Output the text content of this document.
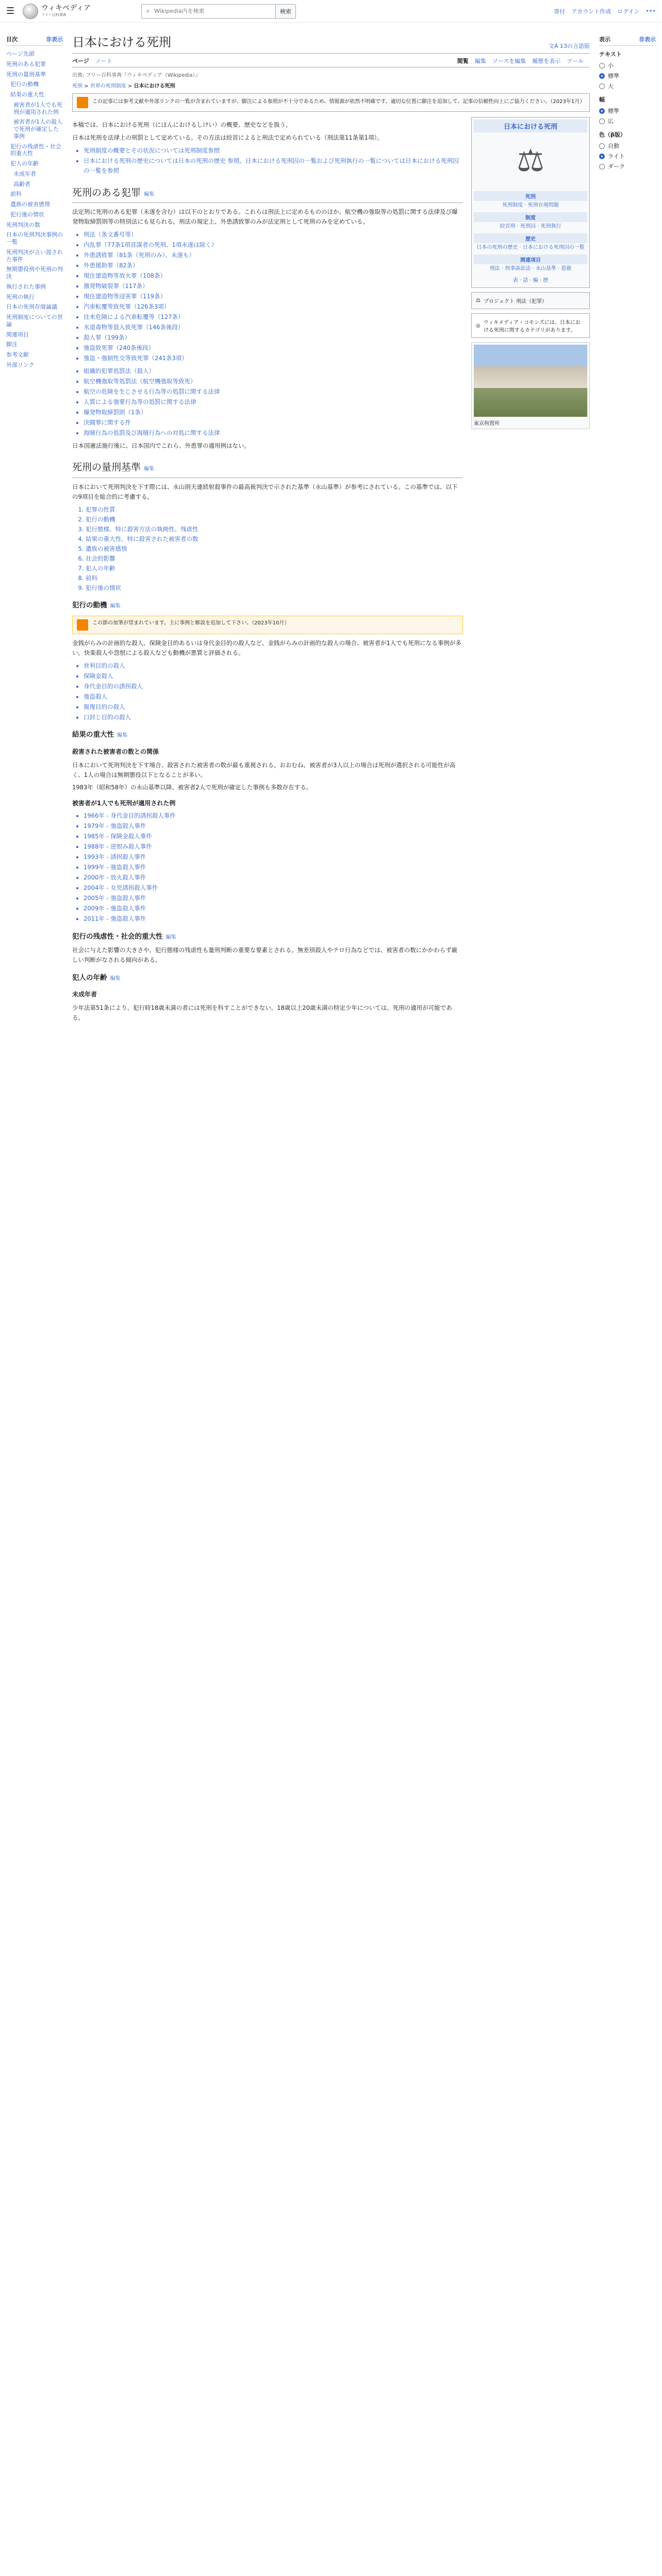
☰	ウィキペディア
フリー百科事典
⌕
Wikipedia内を検索	検索	寄付 アカウント作成 ログイン •••
目次	非表示
ページ先頭
死刑のある犯罪
死刑の量刑基準
犯行の動機
結果の重大性
被害者が1人でも死刑が適用された例
被害者が1人の殺人で死刑が確定した事例
犯行の残虐性・社会的重大性
犯人の年齢
未成年者
高齢者
前科
遺族の被害感情
犯行後の情状
死刑判決の数
日本の死刑判決事例の一覧
死刑判決が言い渡された事件
無期懲役刑や死刑の判決
執行された事例
死刑の執行
日本の死刑存廃論議
死刑制度についての世論
関連項目
脚注
参考文献
外部リンク
日本における死刑	文A 13の言語版
ページ ノート	閲覧 編集 ソースを編集 履歴を表示 ツール
出典: フリー百科事典『ウィキペディア（Wikipedia）』
死刑 > 世界の死刑制度 > 日本における死刑
この記事には参考文献や外部リンクの一覧が含まれていますが、脚注による参照が不十分であるため、情報源が依然不明確です。適切な位置に脚注を追加して、記事の信頼性向上にご協力ください。（2023年1月）

本稿では、日本における死刑（にほんにおけるしけい）の概要、歴史などを扱う。

日本は死刑を法律上の刑罰として定めている。その方法は絞首によると刑法で定められている（刑法第11条第1項）。

• 死刑制度の概要とその状況については死刑制度参照
• 日本における死刑の歴史については日本の死刑の歴史 参照。日本における死刑囚の一覧および死刑執行の一覧については日本における死刑囚の一覧を参照
死刑のある犯罪 編集

法定刑に死刑のある犯罪（未遂を含む）は以下のとおりである。これらは刑法上に定めるもののほか、航空機の強取等の処罰に関する法律及び爆発物取締罰則等の特別法にも見られる。刑法の規定上、外患誘致罪のみが法定刑として死刑のみを定めている。

• 刑法（条文番号等）
• 内乱罪（77条1項首謀者の死刑、1項未遂は除く）
• 外患誘致罪（81条（死刑のみ）、未遂も）
• 外患援助罪（82条）
• 現住建造物等放火罪（108条）
• 激発物破裂罪（117条）
• 現住建造物等浸害罪（119条）
• 汽車転覆等致死罪（126条3項）
• 往来危険による汽車転覆等（127条）
• 水道毒物等混入致死罪（146条後段）
• 殺人罪（199条）
• 強盗致死罪（240条後段）
• 強盗・強制性交等致死罪（241条3項）
• 組織的犯罪処罰法（殺人）
• 航空機強取等処罰法（航空機強取等致死）
• 航空の危険を生じさせる行為等の処罰に関する法律
• 人質による強要行為等の処罰に関する法律
• 爆発物取締罰則（1条）
• 決闘罪に関する件
• 海賊行為の処罰及び海賊行為への対処に関する法律

日本国憲法施行後に、日本国内でこれら、外患罪の適用例はない。

死刑の量刑基準 編集

日本において死刑判決を下す際には、永山則夫連続射殺事件の最高裁判決で示された基準（永山基準）が参考にされている。この基準では、以下の9項目を総合的に考慮する。

1. 犯罪の性質
2. 犯行の動機
3. 犯行態様、特に殺害方法の執拗性、残虐性
4. 結果の重大性、特に殺害された被害者の数
5. 遺族の被害感情
6. 社会的影響
7. 犯人の年齢
8. 前科
9. 犯行後の情状
犯行の動機 編集
この節の加筆が望まれています。主に事例と解説を追加して下さい。（2023年10月）

金銭がらみの計画的な殺人、保険金目的あるいは身代金目的の殺人など、金銭がらみの計画的な殺人の場合、被害者が1人でも死刑になる事例が多い。快楽殺人や怨恨による殺人なども動機が悪質と評価される。

• 営利目的の殺人
• 保険金殺人
• 身代金目的の誘拐殺人
• 強盗殺人
• 報復目的の殺人
• 口封じ目的の殺人
結果の重大性 編集
殺害された被害者の数との関係

日本において死刑判決を下す場合、殺害された被害者の数が最も重視される。おおむね、被害者が3人以上の場合は死刑が選択される可能性が高く、1人の場合は無期懲役以下となることが多い。

1983年（昭和58年）の永山基準以降、被害者2人で死刑が確定した事例も多数存在する。

被害者が1人でも死刑が適用された例
• 1966年 - 身代金目的誘拐殺人事件
• 1979年 - 強盗殺人事件
• 1985年 - 保険金殺人事件
• 1988年 - 逆恨み殺人事件
• 1993年 - 誘拐殺人事件
• 1999年 - 強盗殺人事件
• 2000年 - 放火殺人事件
• 2004年 - 女児誘拐殺人事件
• 2005年 - 強盗殺人事件
• 2009年 - 強盗殺人事件
• 2011年 - 強盗殺人事件
犯行の残虐性・社会的重大性 編集

社会に与えた影響の大きさや、犯行態様の残虐性も量刑判断の重要な要素とされる。無差別殺人やテロ行為などでは、被害者の数にかかわらず厳しい判断がなされる傾向がある。

犯人の年齢 編集
未成年者

少年法第51条により、犯行時18歳未満の者には死刑を科すことができない。18歳以上20歳未満の特定少年については、死刑の適用が可能である。

日本における死刑
⚖
死刑
死刑制度 · 死刑存廃問題
制度
絞首刑 · 死刑囚 · 死刑執行
歴史
日本の死刑の歴史 · 日本における死刑囚の一覧
関連項目
刑法 · 刑事訴訟法 · 永山基準 · 恩赦
表 · 話 · 編 · 歴
⚖ プロジェクト 刑法（犯罪）
◎ ウィキメディア・コモンズには、日本における死刑に関するカテゴリがあります。
東京拘置所
表示	非表示
テキスト
小
標準
大
幅
標準
広
色（β版）
自動
ライト
ダーク
